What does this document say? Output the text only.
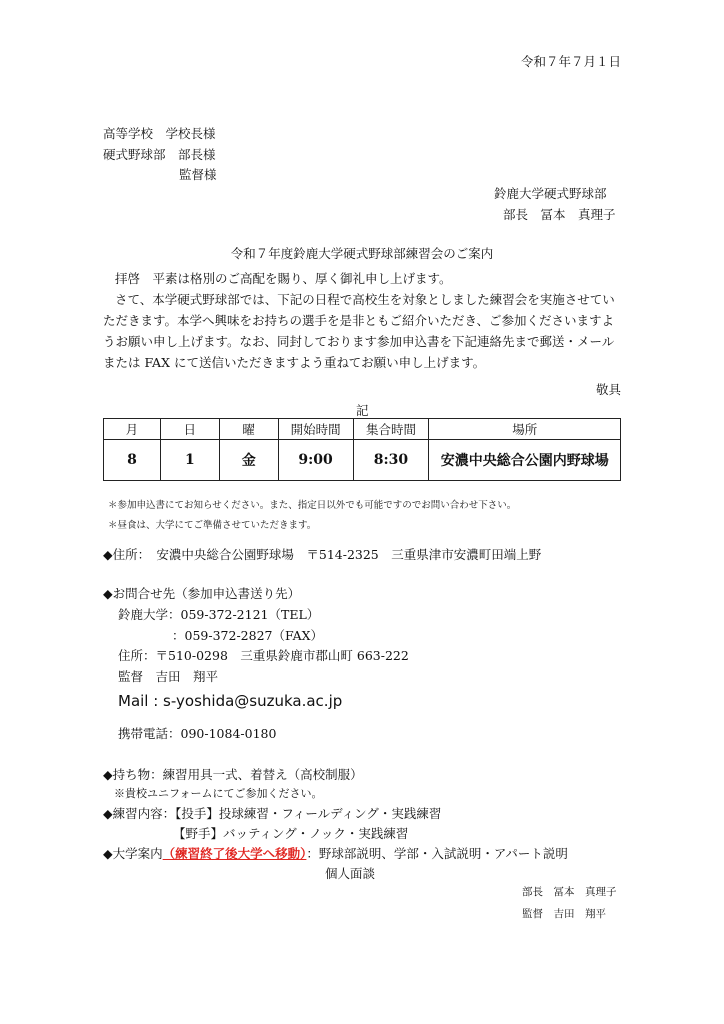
令和７年７月１日
高等学校　学校長様
硬式野球部　部長様
監督様
鈴鹿大学硬式野球部
部長　冨本　真理子
令和７年度鈴鹿大学硬式野球部練習会のご案内
拝啓　平素は格別のご高配を賜り、厚く御礼申し上げます。
さて、本学硬式野球部では、下記の日程で高校生を対象としました練習会を実施させてい
ただきます。本学へ興味をお持ちの選手を是非ともご紹介いただき、ご参加くださいますよ
うお願い申し上げます。なお、同封しております参加申込書を下記連絡先まで郵送・メール
または FAX にて送信いただきますよう重ねてお願い申し上げます。
敬具
記
月	日	曜	開始時間	集合時間	場所
8	1	金	9:00	8:30	安濃中央総合公園内野球場
＊参加申込書にてお知らせください。また、指定日以外でも可能ですのでお問い合わせ下さい。
＊昼食は、大学にてご準備させていただきます。
◆住所：　安濃中央総合公園野球場　〒514‐2325　三重県津市安濃町田端上野
◆お問合せ先（参加申込書送り先）
鈴鹿大学：059-372-2121（TEL）
：059-372-2827（FAX）
住所：〒510-0298　三重県鈴鹿市郡山町 663-222
監督　吉田　翔平
Mail : s-yoshida@suzuka.ac.jp
携帯電話：090-1084-0180
◆持ち物：練習用具一式、着替え（高校制服）
※貴校ユニフォームにてご参加ください。
◆練習内容：【投手】投球練習・フィールディング・実践練習
【野手】バッティング・ノック・実践練習
◆大学案内（練習終了後大学へ移動）：野球部説明、学部・入試説明・アパート説明
個人面談
部長　冨本　真理子
監督　吉田　翔平
